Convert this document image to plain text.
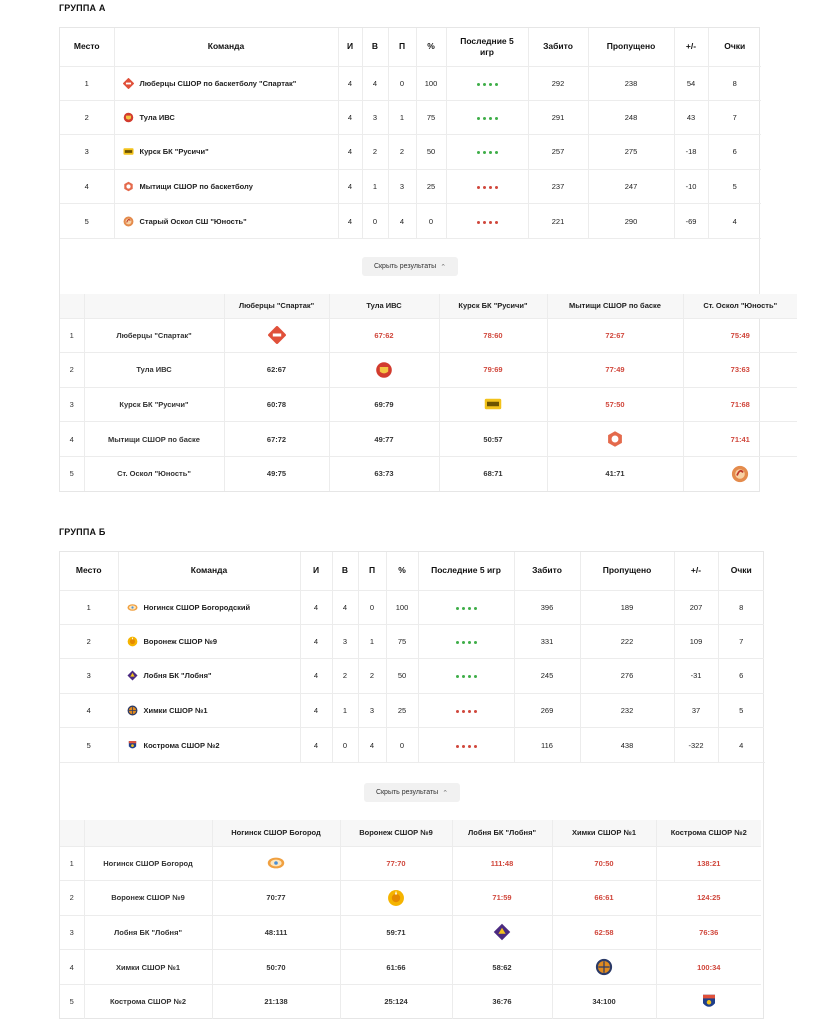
ГРУППА А
Место	Команда	И	В	П	%	Последние 5 игр	Забито	Пропущено	+/-	Очки
1	Люберцы СШОР по баскетболу "Спартак"	4	4	0	100		292	238	54	8
2	Тула ИВС	4	3	1	75		291	248	43	7
3	Курск БК "Русичи"	4	2	2	50		257	275	-18	6
4	Мытищи СШОР по баскетболу	4	1	3	25		237	247	-10	5
5	Старый Оскол СШ "Юность"	4	0	4	0		221	290	-69	4
Скрыть результаты ⌃
		Люберцы "Спартак"	Тула ИВС	Курск БК "Русичи"	Мытищи СШОР по баске	Ст. Оскол "Юность"
1	Люберцы "Спартак"		67:62	78:60	72:67	75:49
2	Тула ИВС	62:67		79:69	77:49	73:63
3	Курск БК "Русичи"	60:78	69:79		57:50	71:68
4	Мытищи СШОР по баске	67:72	49:77	50:57		71:41
5	Ст. Оскол "Юность"	49:75	63:73	68:71	41:71	
ГРУППА Б
Место	Команда	И	В	П	%	Последние 5 игр	Забито	Пропущено	+/-	Очки
1	Ногинск СШОР Богородский	4	4	0	100		396	189	207	8
2	Воронеж СШОР №9	4	3	1	75		331	222	109	7
3	Лобня БК "Лобня"	4	2	2	50		245	276	-31	6
4	Химки СШОР №1	4	1	3	25		269	232	37	5
5	Кострома СШОР №2	4	0	4	0		116	438	-322	4
Скрыть результаты ⌃
		Ногинск СШОР Богород	Воронеж СШОР №9	Лобня БК "Лобня"	Химки СШОР №1	Кострома СШОР №2
1	Ногинск СШОР Богород		77:70	111:48	70:50	138:21
2	Воронеж СШОР №9	70:77		71:59	66:61	124:25
3	Лобня БК "Лобня"	48:111	59:71		62:58	76:36
4	Химки СШОР №1	50:70	61:66	58:62		100:34
5	Кострома СШОР №2	21:138	25:124	36:76	34:100	
